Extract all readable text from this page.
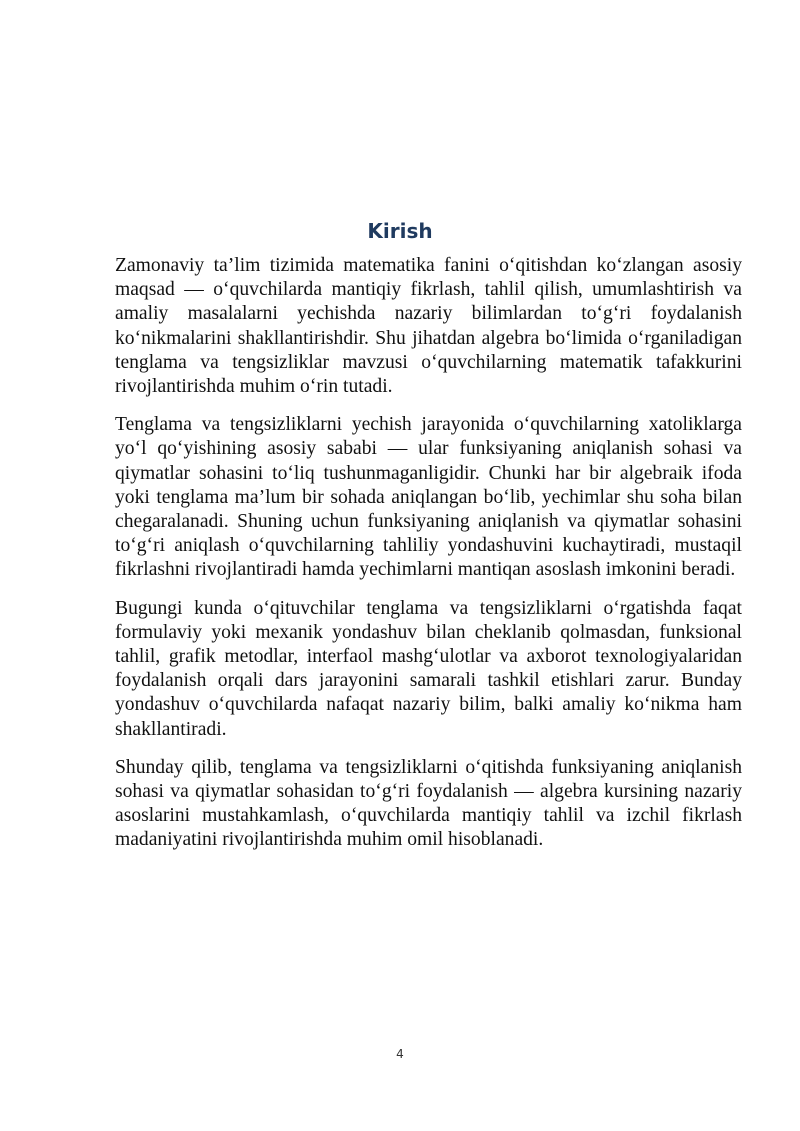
Kirish

Zamonaviy ta’lim tizimida matematika fanini o‘qitishdan ko‘zlangan asosiy maqsad — o‘quvchilarda mantiqiy fikrlash, tahlil qilish, umumlashtirish va amaliy masalalarni yechishda nazariy bilimlardan to‘g‘ri foydalanish ko‘nikmalarini shakllantirishdir. Shu jihatdan algebra bo‘limida o‘rganiladigan tenglama va tengsizliklar mavzusi o‘quvchilarning matematik tafakkurini rivojlantirishda muhim o‘rin tutadi.

Tenglama va tengsizliklarni yechish jarayonida o‘quvchilarning xatoliklarga yo‘l qo‘yishining asosiy sababi — ular funksiyaning aniqlanish sohasi va qiymatlar sohasini to‘liq tushunmaganligidir. Chunki har bir algebraik ifoda yoki tenglama ma’lum bir sohada aniqlangan bo‘lib, yechimlar shu soha bilan chegaralanadi. Shuning uchun funksiyaning aniqlanish va qiymatlar sohasini to‘g‘ri aniqlash o‘quvchilarning tahliliy yondashuvini kuchaytiradi, mustaqil fikrlashni rivojlantiradi hamda yechimlarni mantiqan asoslash imkonini beradi.

Bugungi kunda o‘qituvchilar tenglama va tengsizliklarni o‘rgatishda faqat formulaviy yoki mexanik yondashuv bilan cheklanib qolmasdan, funksional tahlil, grafik metodlar, interfaol mashg‘ulotlar va axborot texnologiyalaridan foydalanish orqali dars jarayonini samarali tashkil etishlari zarur. Bunday yondashuv o‘quvchilarda nafaqat nazariy bilim, balki amaliy ko‘nikma ham shakllantiradi.

Shunday qilib, tenglama va tengsizliklarni o‘qitishda funksiyaning aniqlanish sohasi va qiymatlar sohasidan to‘g‘ri foydalanish — algebra kursining nazariy asoslarini mustahkamlash, o‘quvchilarda mantiqiy tahlil va izchil fikrlash madaniyatini rivojlantirishda muhim omil hisoblanadi.

4
